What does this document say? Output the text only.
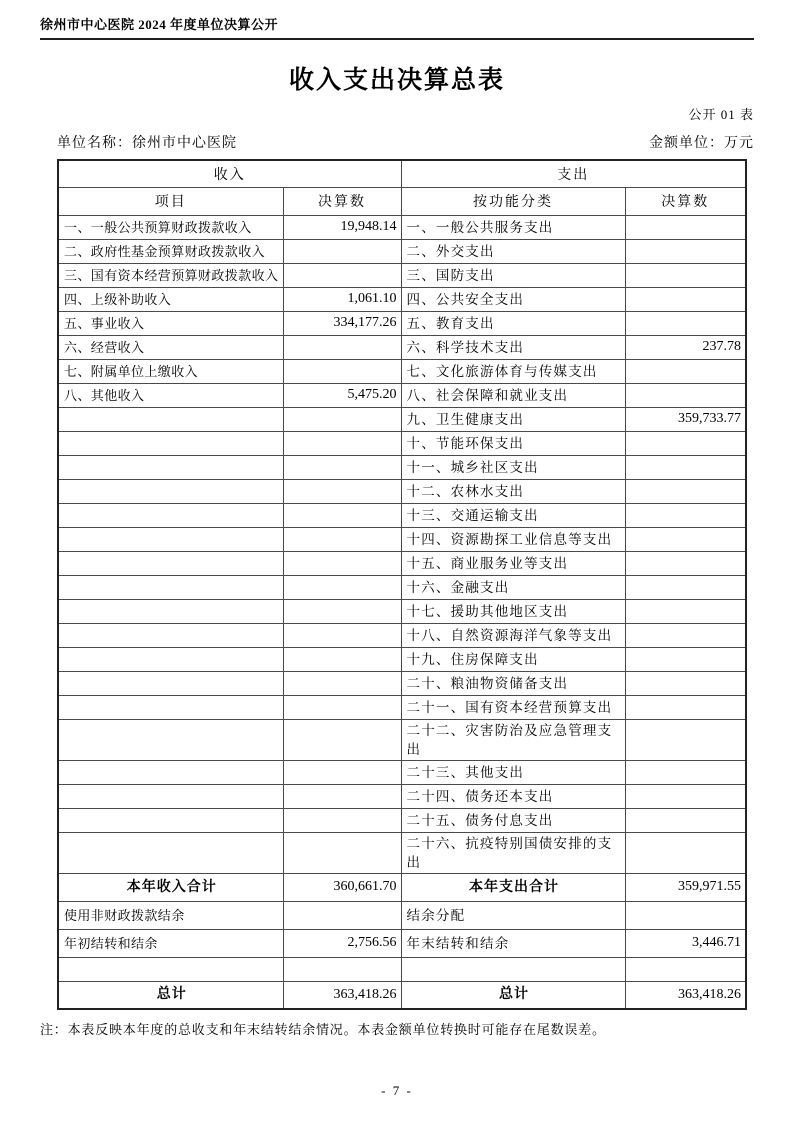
徐州市中心医院 2024 年度单位决算公开
收入支出决算总表
公开 01 表
单位名称：徐州市中心医院	金额单位：万元
收入		支出	
项目	决算数	按功能分类	决算数
一、一般公共预算财政拨款收入	19,948.14	一、一般公共服务支出	
二、政府性基金预算财政拨款收入		二、外交支出	
三、国有资本经营预算财政拨款收入		三、国防支出	
四、上级补助收入	1,061.10	四、公共安全支出	
五、事业收入	334,177.26	五、教育支出	
六、经营收入		六、科学技术支出	237.78
七、附属单位上缴收入		七、文化旅游体育与传媒支出	
八、其他收入	5,475.20	八、社会保障和就业支出	
		九、卫生健康支出	359,733.77
		十、节能环保支出	
		十一、城乡社区支出	
		十二、农林水支出	
		十三、交通运输支出	
		十四、资源勘探工业信息等支出	
		十五、商业服务业等支出	
		十六、金融支出	
		十七、援助其他地区支出	
		十八、自然资源海洋气象等支出	
		十九、住房保障支出	
		二十、粮油物资储备支出	
		二十一、国有资本经营预算支出	
		二十二、灾害防治及应急管理支出	
		二十三、其他支出	
		二十四、债务还本支出	
		二十五、债务付息支出	
		二十六、抗疫特别国债安排的支出	
本年收入合计	360,661.70	本年支出合计	359,971.55
使用非财政拨款结余		结余分配	
年初结转和结余	2,756.56	年末结转和结余	3,446.71

总计	363,418.26	总计	363,418.26
注：本表反映本年度的总收支和年末结转结余情况。本表金额单位转换时可能存在尾数误差。
- 7 -
